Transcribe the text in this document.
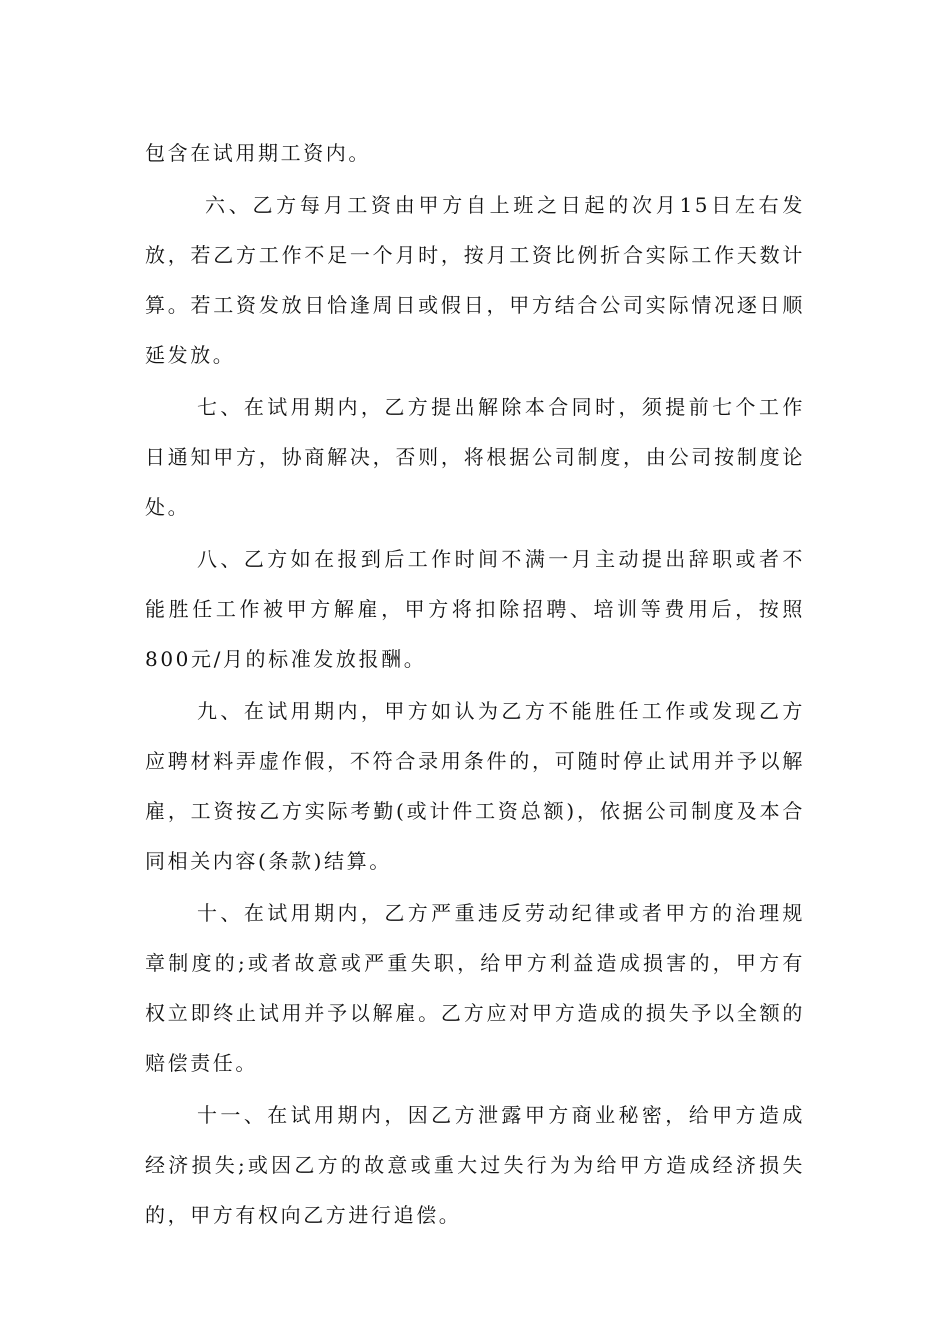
包含在试用期工资内。

六、乙方每月工资由甲方自上班之日起的次月15日左右发放，若乙方工作不足一个月时，按月工资比例折合实际工作天数计算。若工资发放日恰逢周日或假日，甲方结合公司实际情况逐日顺延发放。

七、在试用期内，乙方提出解除本合同时，须提前七个工作日通知甲方，协商解决，否则，将根据公司制度，由公司按制度论处。

八、乙方如在报到后工作时间不满一月主动提出辞职或者不能胜任工作被甲方解雇，甲方将扣除招聘、培训等费用后，按照800元/月的标准发放报酬。

九、在试用期内，甲方如认为乙方不能胜任工作或发现乙方应聘材料弄虚作假，不符合录用条件的，可随时停止试用并予以解雇，工资按乙方实际考勤(或计件工资总额)，依据公司制度及本合同相关内容(条款)结算。

十、在试用期内，乙方严重违反劳动纪律或者甲方的治理规章制度的;或者故意或严重失职，给甲方利益造成损害的，甲方有权立即终止试用并予以解雇。乙方应对甲方造成的损失予以全额的赔偿责任。

十一、在试用期内，因乙方泄露甲方商业秘密，给甲方造成经济损失;或因乙方的故意或重大过失行为为给甲方造成经济损失的，甲方有权向乙方进行追偿。
